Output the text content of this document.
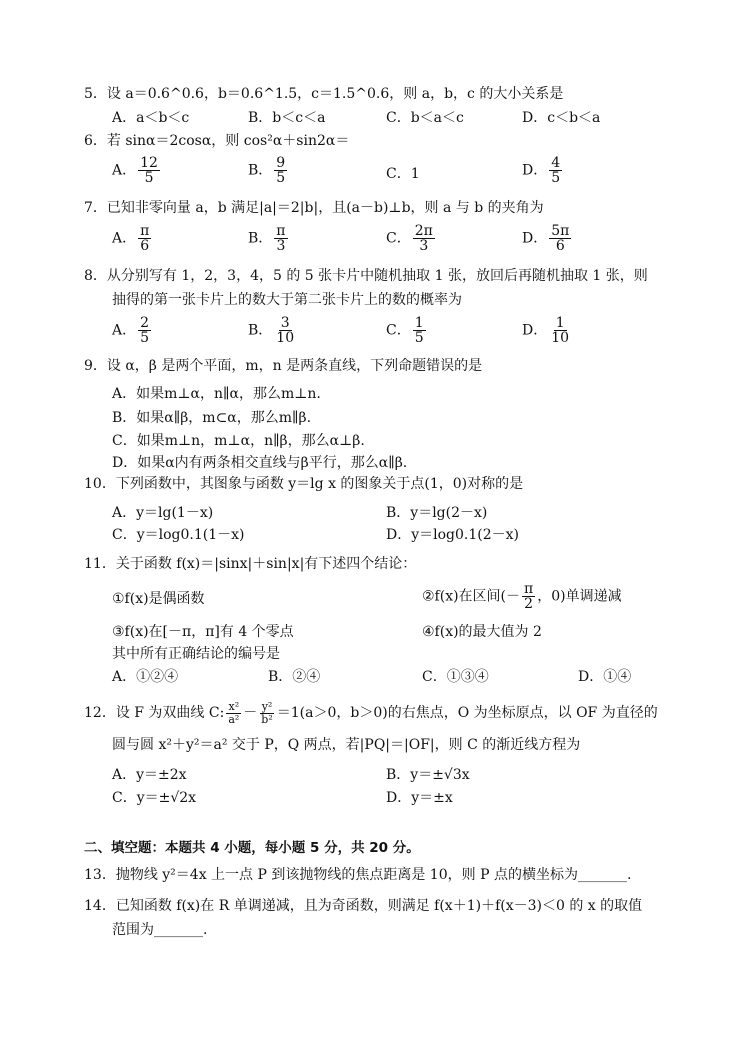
5．设 a＝0.6^0.6，b＝0.6^1.5，c＝1.5^0.6，则 a，b，c 的大小关系是
A．a＜b＜c	B．b＜c＜a	C．b＜a＜c	D．c＜b＜a
6．若 sinα＝2cosα，则 cos²α＋sin2α＝
A． $\frac{12}{5}$	B． $\frac{9}{5}$	C．1	D． $\frac{4}{5}$
7．已知非零向量 a，b 满足|a|＝2|b|，且(a－b)⊥b，则 a 与 b 的夹角为
A． $\frac{\pi}{6}$	B． $\frac{\pi}{3}$	C． $\frac{2\pi}{3}$	D． $\frac{5\pi}{6}$
8．从分别写有 1，2，3，4，5 的 5 张卡片中随机抽取 1 张，放回后再随机抽取 1 张，则
抽得的第一张卡片上的数大于第二张卡片上的数的概率为
A． $\frac{2}{5}$	B． $\frac{3}{10}$	C． $\frac{1}{5}$	D． $\frac{1}{10}$
9．设 α，β 是两个平面，m，n 是两条直线，下列命题错误的是
A．如果m⊥α，n∥α，那么m⊥n.
B．如果α∥β，m⊂α，那么m∥β.
C．如果m⊥n，m⊥α，n∥β，那么α⊥β.
D．如果α内有两条相交直线与β平行，那么α∥β.
10．下列函数中，其图象与函数 y＝lg x 的图象关于点(1，0)对称的是
A．y＝lg(1－x)	B．y＝lg(2－x)
C．y＝log0.1(1－x)	D．y＝log0.1(2－x)
11．关于函数 f(x)＝|sinx|＋sin|x|有下述四个结论：
①f(x)是偶函数	②f(x)在区间(－ $\frac{\pi}{2}$ ，0)单调递减
③f(x)在[－π，π]有 4 个零点	④f(x)的最大值为 2
其中所有正确结论的编号是
A．①②④	B．②④	C．①③④	D．①④
12．设 F 为双曲线 C: $\frac{\text{x²}}{\text{a²}} - \frac{\text{y²}}{\text{b²}} =1(a>0$，b＞0)的右焦点，O 为坐标原点，以 OF 为直径的
圆与圆 x²＋y²＝a² 交于 P，Q 两点，若|PQ|＝|OF|，则 C 的渐近线方程为
A．y＝±2x	B．y＝±√3x
C．y＝±√2x	D．y＝±x
二、填空题：本题共 4 小题，每小题 5 分，共 20 分。
13．抛物线 y²＝4x 上一点 P 到该抛物线的焦点距离是 10，则 P 点的横坐标为_______.
14．已知函数 f(x)在 R 单调递减，且为奇函数，则满足 f(x＋1)＋f(x－3)＜0 的 x 的取值
范围为_______.
